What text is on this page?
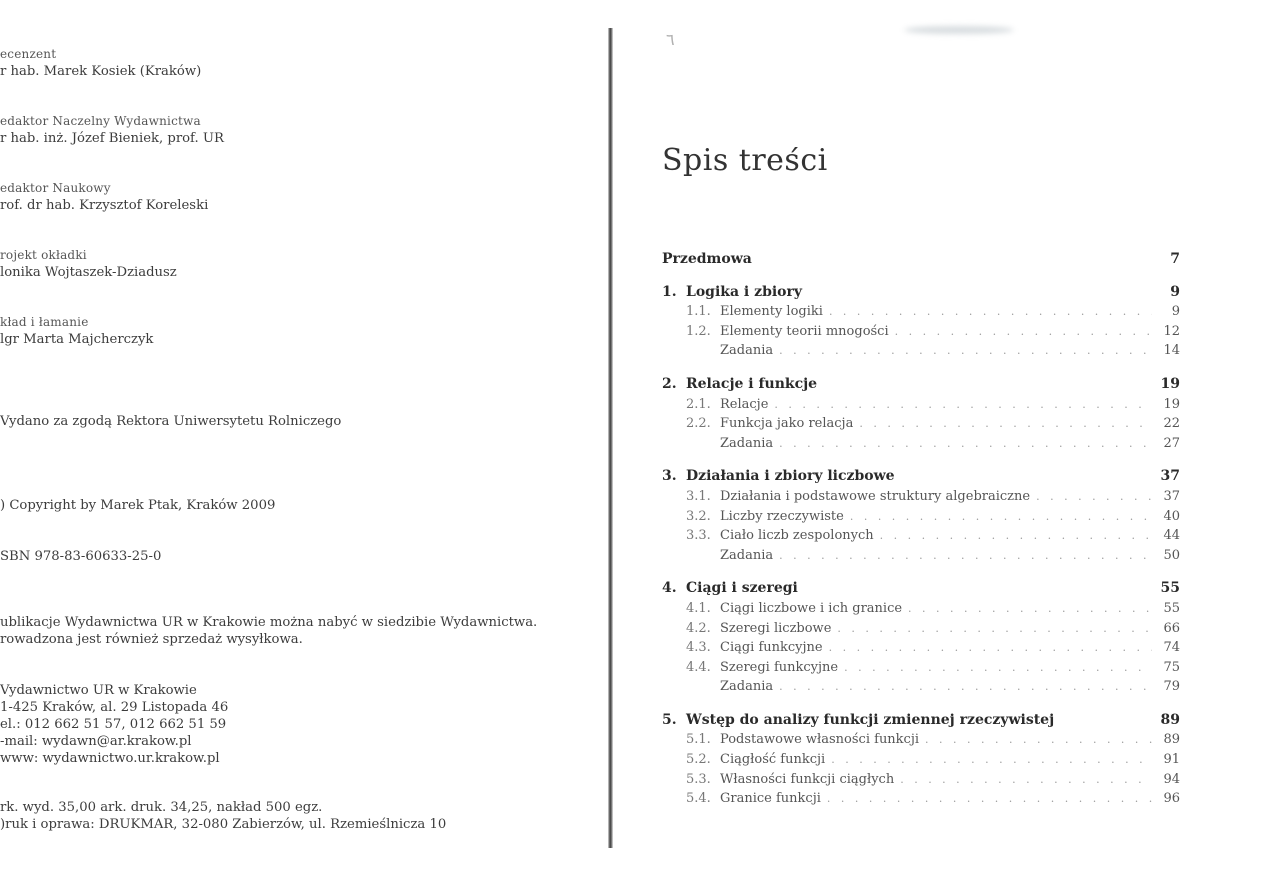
ecenzent
r hab. Marek Kosiek (Kraków)
edaktor Naczelny Wydawnictwa
r hab. inż. Józef Bieniek, prof. UR
edaktor Naukowy
rof. dr hab. Krzysztof Koreleski
rojekt okładki
lonika Wojtaszek-Dziadusz
kład i łamanie
lgr Marta Majcherczyk
Vydano za zgodą Rektora Uniwersytetu Rolniczego
) Copyright by Marek Ptak, Kraków 2009
SBN 978-83-60633-25-0
ublikacje Wydawnictwa UR w Krakowie można nabyć w siedzibie Wydawnictwa.
rowadzona jest również sprzedaż wysyłkowa.
Vydawnictwo UR w Krakowie
1-425 Kraków, al. 29 Listopada 46
el.: 012 662 51 57, 012 662 51 59
-mail: wydawn@ar.krakow.pl
www: wydawnictwo.ur.krakow.pl
rk. wyd. 35,00 ark. druk. 34,25, nakład 500 egz.
)ruk i oprawa: DRUKMAR, 32-080 Zabierzów, ul. Rzemieślnicza 10
٦
Spis treści
Przedmowa	7
1. Logika i zbiory	9
1.1. Elementy logiki . . .	9
1.2. Elementy teorii mnogości . . .	12
Zadania . . .	14
2. Relacje i funkcje	19
2.1. Relacje . . .	19
2.2. Funkcja jako relacja . . .	22
Zadania . . .	27
3. Działania i zbiory liczbowe	37
3.1. Działania i podstawowe struktury algebraiczne . . .	37
3.2. Liczby rzeczywiste . . .	40
3.3. Ciało liczb zespolonych . . .	44
Zadania . . .	50
4. Ciągi i szeregi	55
4.1. Ciągi liczbowe i ich granice . . .	55
4.2. Szeregi liczbowe . . .	66
4.3. Ciągi funkcyjne . . .	74
4.4. Szeregi funkcyjne . . .	75
Zadania . . .	79
5. Wstęp do analizy funkcji zmiennej rzeczywistej	89
5.1. Podstawowe własności funkcji . . .	89
5.2. Ciągłość funkcji . . .	91
5.3. Własności funkcji ciągłych . . .	94
5.4. Granice funkcji . . .	96
